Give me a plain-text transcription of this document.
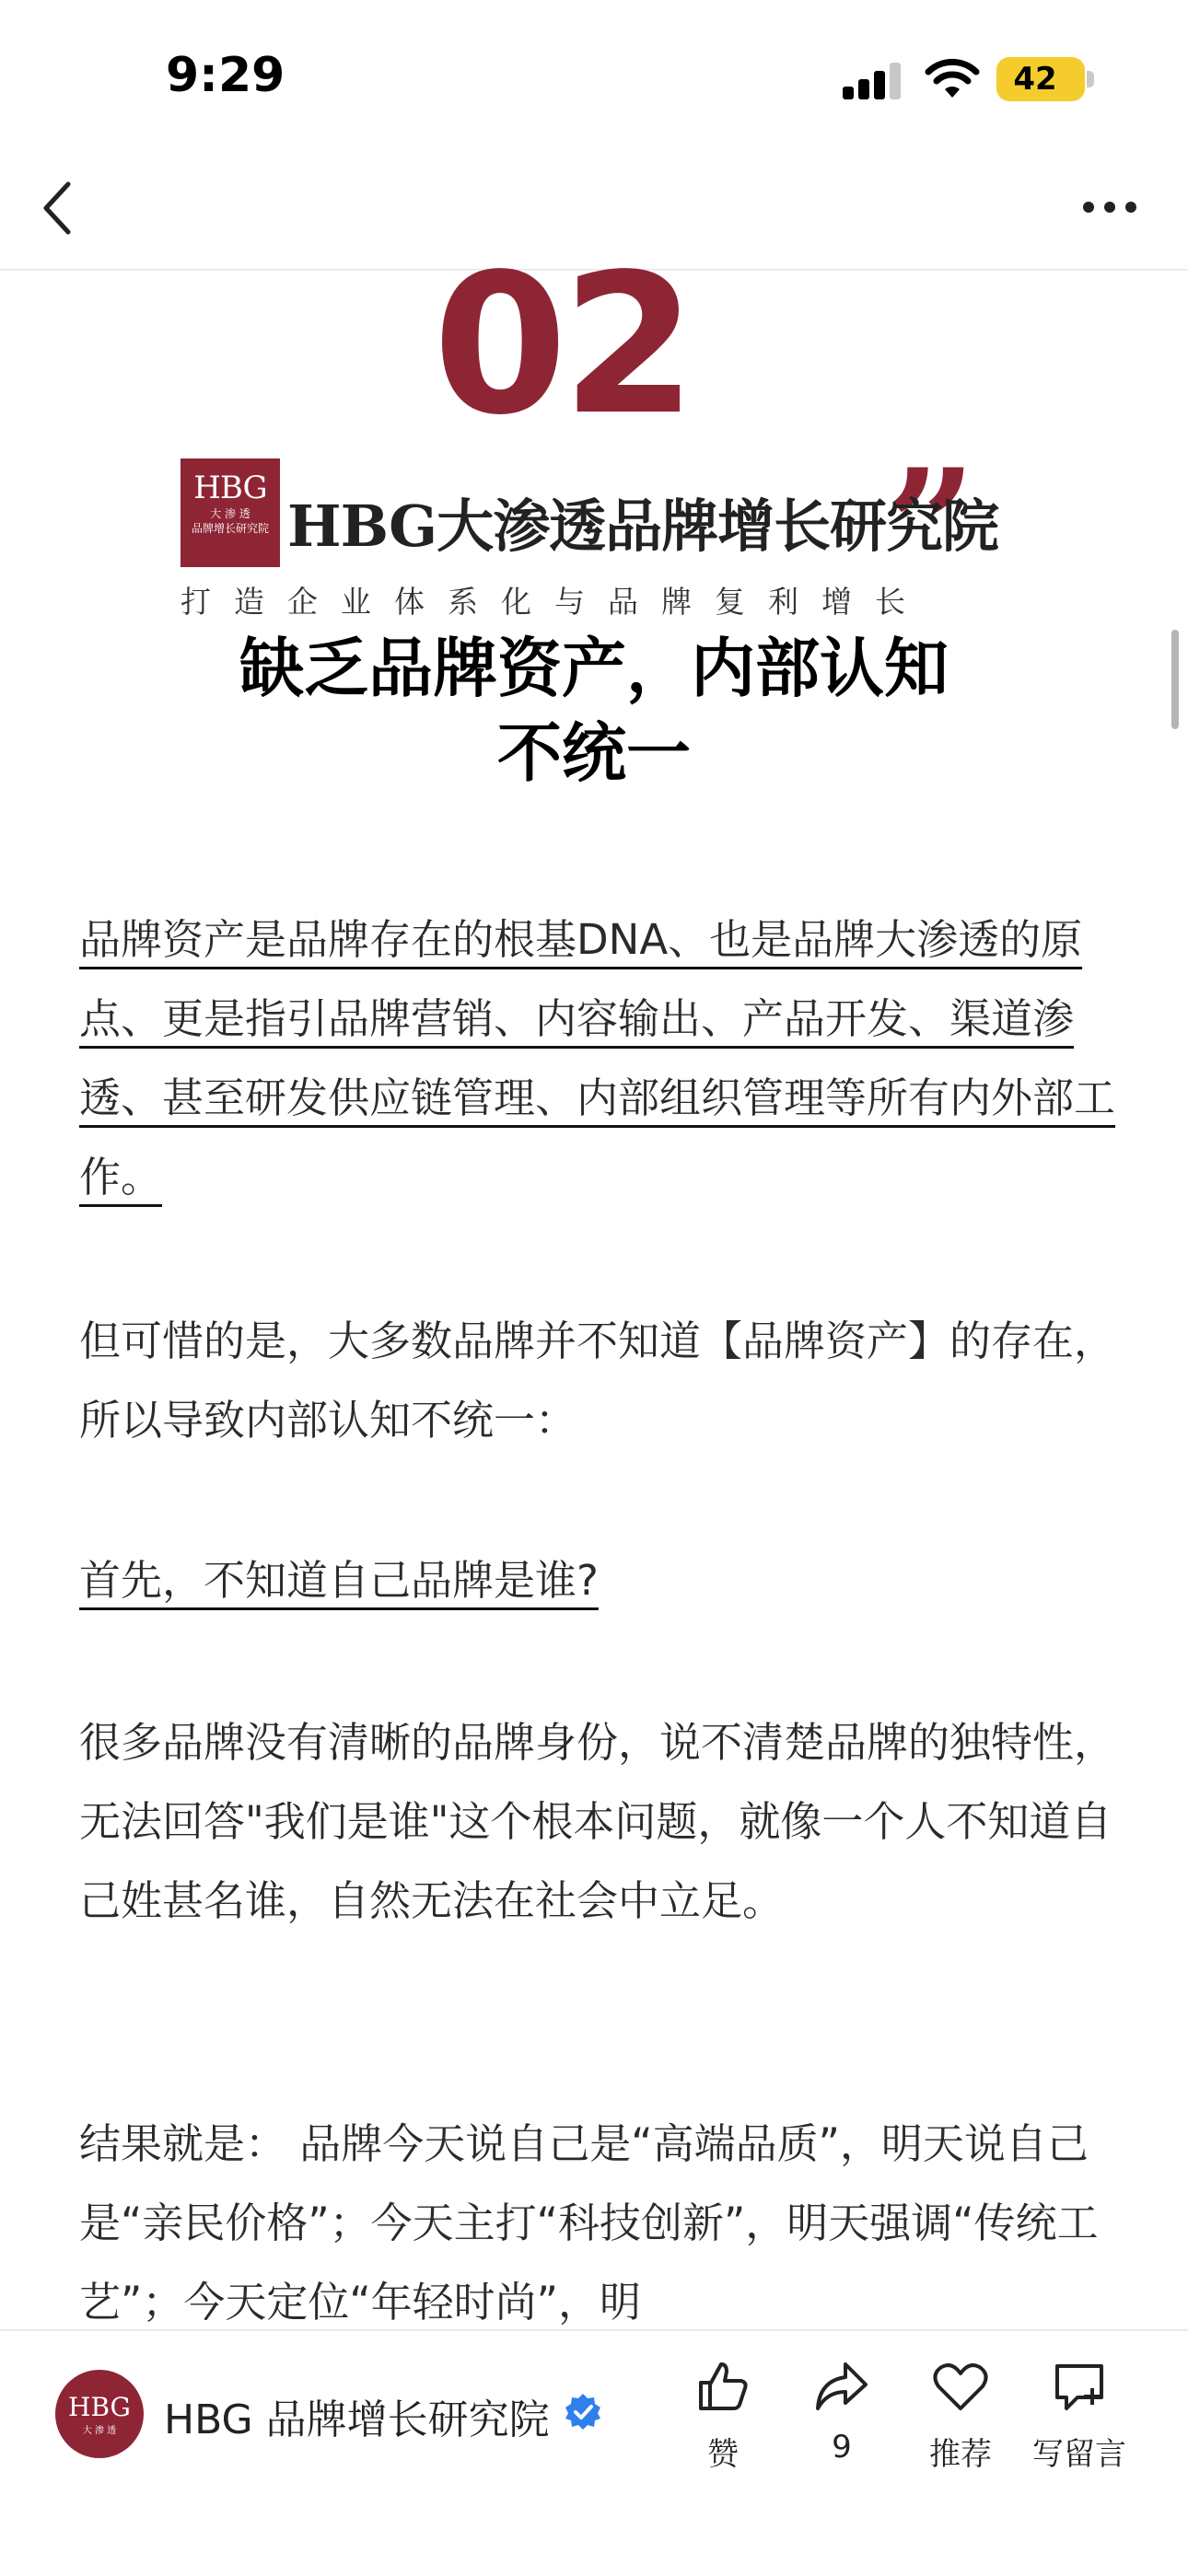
9:29	42
02 „
HBG
大 渗 透
品牌增长研究院 HBG大渗透品牌增长研究院
打造企业体系化与品牌复利增长
缺乏品牌资产，内部认知
不统一
品牌资产是品牌存在的根基DNA、也是品牌大渗透的原点、更是指引品牌营销、内容输出、产品开发、渠道渗透、甚至研发供应链管理、内部组织管理等所有内外部工作。
但可惜的是，大多数品牌并不知道【品牌资产】的存在，所以导致内部认知不统一：
首先，不知道自己品牌是谁?
很多品牌没有清晰的品牌身份，说不清楚品牌的独特性，无法回答"我们是谁"这个根本问题，就像一个人不知道自己姓甚名谁，自然无法在社会中立足。
结果就是： 品牌今天说自己是“高端品质”，明天说自己是“亲民价格”；今天主打“科技创新”，明天强调“传统工艺”；今天定位“年轻时尚”，明
HBG
大 渗 透	HBG 品牌增长研究院
赞	9	推荐	写留言
